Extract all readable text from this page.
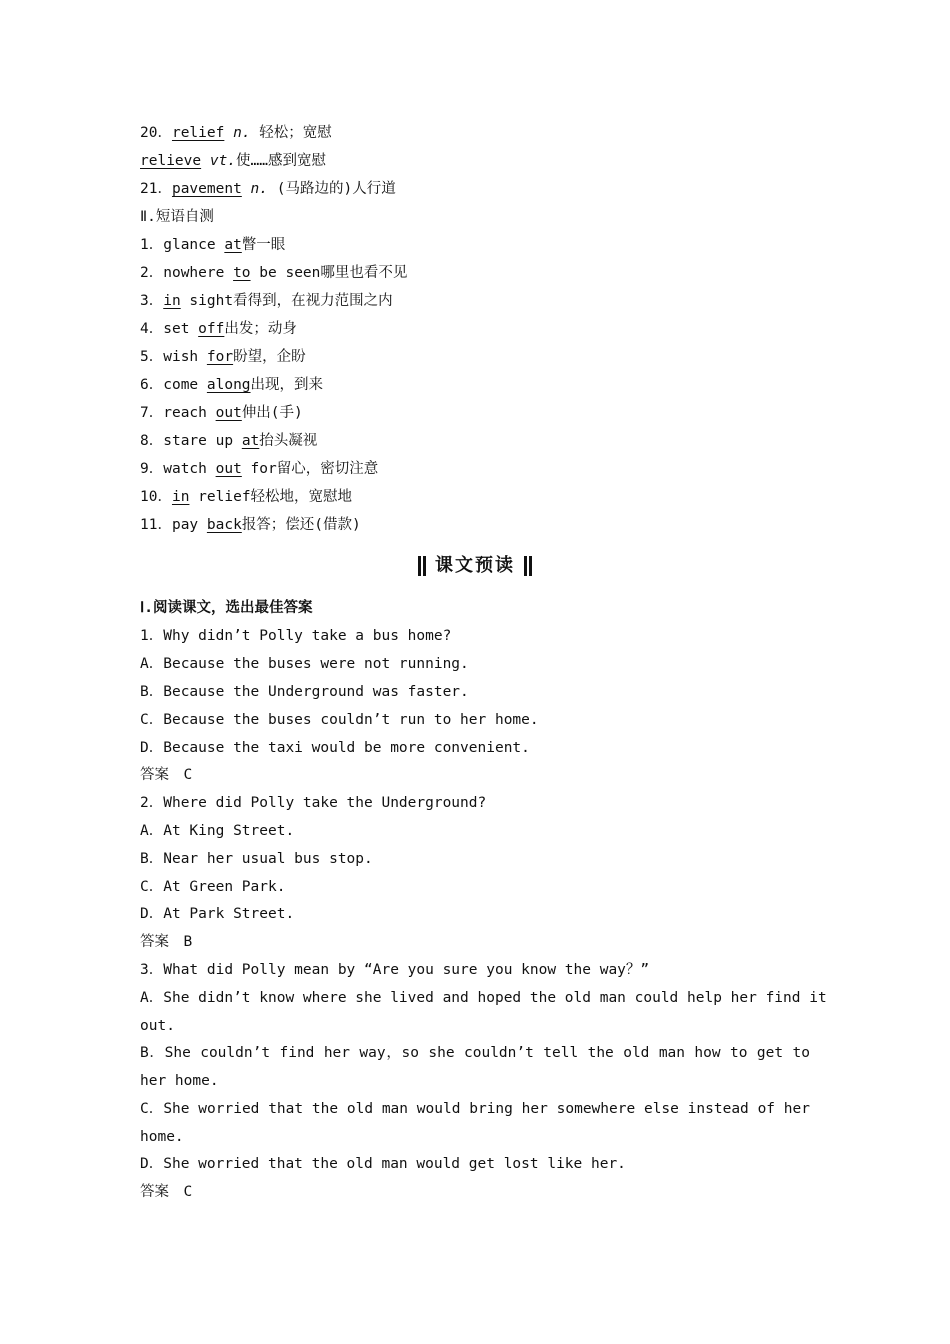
20．relief n. 轻松；宽慰
relieve vt.使……感到宽慰
21．pavement n. (马路边的)人行道
Ⅱ.短语自测
1．glance at瞥一眼
2．nowhere to be seen哪里也看不见
3．in sight看得到，在视力范围之内
4．set off出发；动身
5．wish for盼望，企盼
6．come along出现，到来
7．reach out伸出(手)
8．stare up at抬头凝视
9．watch out for留心，密切注意
10．in relief轻松地，宽慰地
11．pay back报答；偿还(借款)
课文预读
Ⅰ.阅读课文，选出最佳答案
1．Why didn’t Polly take a bus home?
A．Because the buses were not running.
B．Because the Underground was faster.
C．Because the buses couldn’t run to her home.
D．Because the taxi would be more convenient.
答案　C
2．Where did Polly take the Underground?
A．At King Street.
B．Near her usual bus stop.
C．At Green Park.
D．At Park Street.
答案　B
3．What did Polly mean by “Are you sure you know the way？”
A．She didn’t know where she lived and hoped the old man could help her find it
out.
B．She couldn’t find her way，so she couldn’t tell the old man how to get to
her home.
C．She worried that the old man would bring her somewhere else instead of her
home.
D．She worried that the old man would get lost like her.
答案　C
